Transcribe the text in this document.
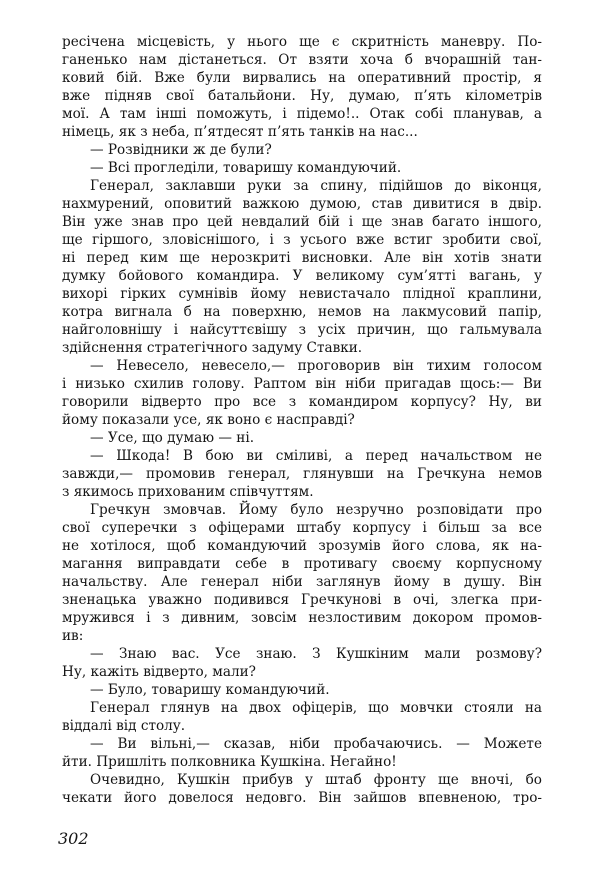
ресічена місцевість, у нього ще є скритність маневру. По-
ганенько нам дістанеться. От взяти хоча б вчорашній тан-
ковий бій. Вже були вирвались на оперативний простір, я
вже підняв свої батальйони. Ну, думаю, п’ять кілометрів
мої. А там інші поможуть, і підемо!.. Отак собі планував, а
німець, як з неба, п’ятдесят п’ять танків на нас...
— Розвідники ж де були?
— Всі прогледіли, товаришу командуючий.
Генерал, заклавши руки за спину, підійшов до віконця,
нахмурений, оповитий важкою думою, став дивитися в двір.
Він уже знав про цей невдалий бій і ще знав багато іншого,
ще гіршого, зловіснішого, і з усього вже встиг зробити свої,
ні перед ким ще нерозкриті висновки. Але він хотів знати
думку бойового командира. У великому сум’ятті вагань, у
вихорі гірких сумнівів йому невистачало плідної краплини,
котра вигнала б на поверхню, немов на лакмусовий папір,
найголовнішу і найсуттєвішу з усіх причин, що гальмувала
здійснення стратегічного задуму Ставки.
— Невесело, невесело,— проговорив він тихим голосом
і низько схилив голову. Раптом він ніби пригадав щось:— Ви
говорили відверто про все з командиром корпусу? Ну, ви
йому показали усе, як воно є насправді?
— Усе, що думаю — ні.
— Шкода! В бою ви сміливі, а перед начальством не
завжди,— промовив генерал, глянувши на Гречкуна немов
з якимось прихованим співчуттям.
Гречкун змовчав. Йому було незручно розповідати про
свої суперечки з офіцерами штабу корпусу і більш за все
не хотілося, щоб командуючий зрозумів його слова, як на-
магання виправдати себе в противагу своєму корпусному
начальству. Але генерал ніби заглянув йому в душу. Він
зненацька уважно подивився Гречкунові в очі, злегка при-
мружився і з дивним, зовсім незлостивим докором промов-
ив:
— Знаю вас. Усе знаю. З Кушкіним мали розмову?
Ну, кажіть відверто, мали?
— Було, товаришу командуючий.
Генерал глянув на двох офіцерів, що мовчки стояли на
віддалі від столу.
— Ви вільні,— сказав, ніби пробачаючись. — Можете
йти. Пришліть полковника Кушкіна. Негайно!
Очевидно, Кушкін прибув у штаб фронту ще вночі, бо
чекати його довелося недовго. Він зайшов впевненою, тро-
302
